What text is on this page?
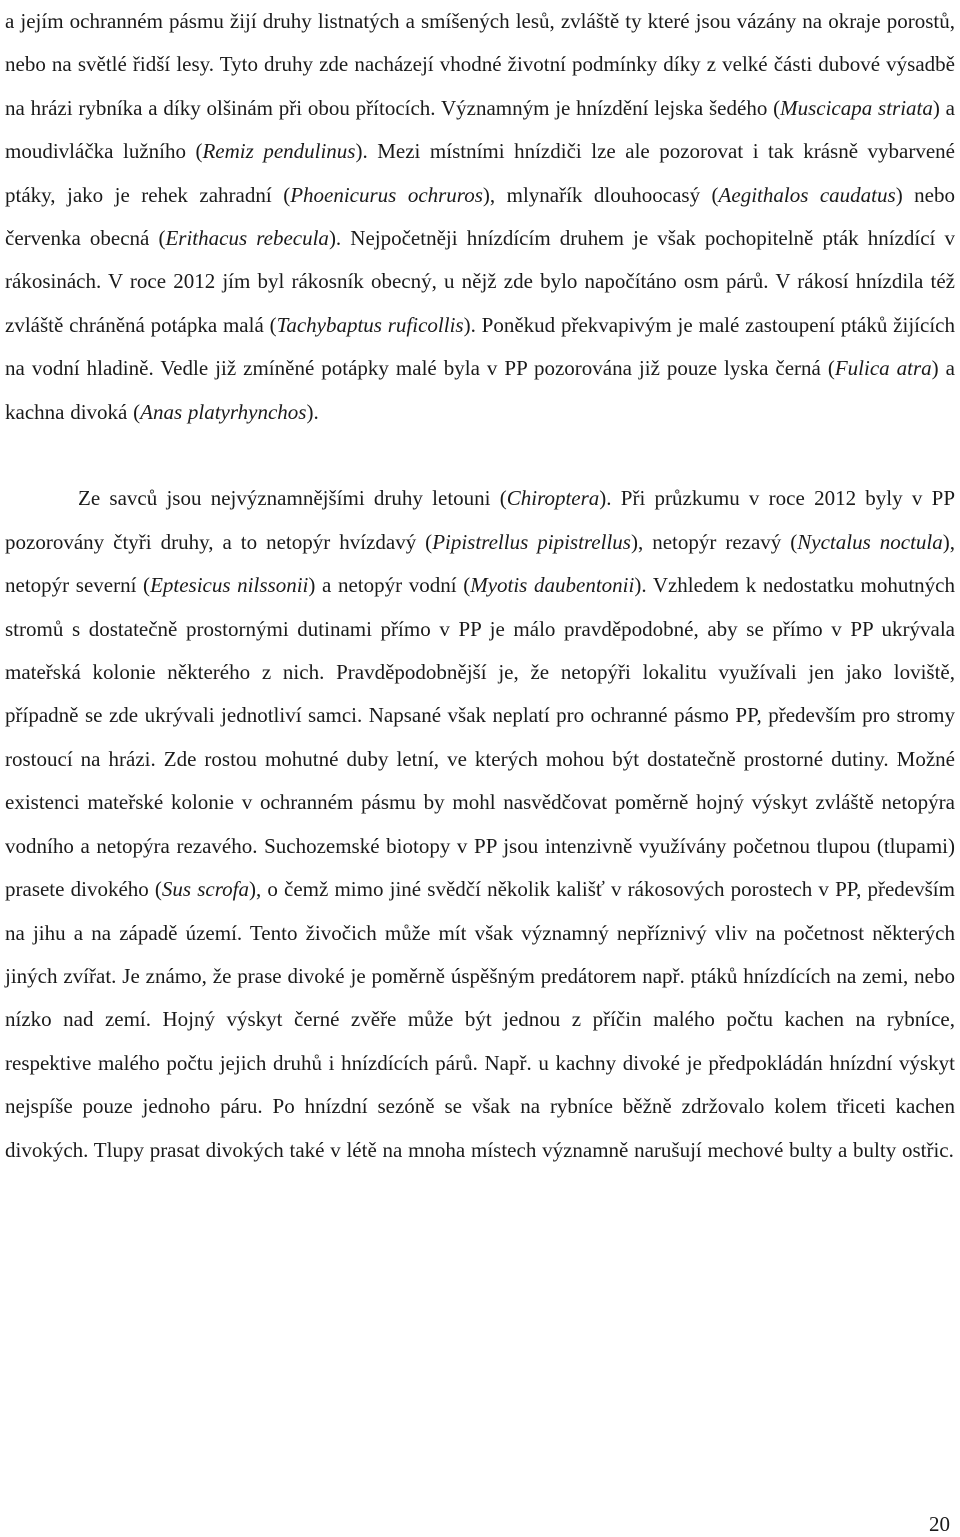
a jejím ochranném pásmu žijí druhy listnatých a smíšených lesů, zvláště ty které jsou vázány na okraje porostů, nebo na světlé řidší lesy. Tyto druhy zde nacházejí vhodné životní podmínky díky z velké části dubové výsadbě na hrázi rybníka a díky olšinám při obou přítocích. Významným je hnízdění lejska šedého (Muscicapa striata) a moudivláčka lužního (Remiz pendulinus). Mezi místními hnízdiči lze ale pozorovat i tak krásně vybarvené ptáky, jako je rehek zahradní (Phoenicurus ochruros), mlynařík dlouhoocasý (Aegithalos caudatus) nebo červenka obecná (Erithacus rebecula). Nejpočetněji hnízdícím druhem je však pochopitelně pták hnízdící v rákosinách. V roce 2012 jím byl rákosník obecný, u nějž zde bylo napočítáno osm párů. V rákosí hnízdila též zvláště chráněná potápka malá (Tachybaptus ruficollis). Poněkud překvapivým je malé zastoupení ptáků žijících na vodní hladině. Vedle již zmíněné potápky malé byla v PP pozorována již pouze lyska černá (Fulica atra) a kachna divoká (Anas platyrhynchos).

Ze savců jsou nejvýznamnějšími druhy letouni (Chiroptera). Při průzkumu v roce 2012 byly v PP pozorovány čtyři druhy, a to netopýr hvízdavý (Pipistrellus pipistrellus), netopýr rezavý (Nyctalus noctula), netopýr severní (Eptesicus nilssonii) a netopýr vodní (Myotis daubentonii). Vzhledem k nedostatku mohutných stromů s dostatečně prostornými dutinami přímo v PP je málo pravděpodobné, aby se přímo v PP ukrývala mateřská kolonie některého z nich. Pravděpodobnější je, že netopýři lokalitu využívali jen jako loviště, případně se zde ukrývali jednotliví samci. Napsané však neplatí pro ochranné pásmo PP, především pro stromy rostoucí na hrázi. Zde rostou mohutné duby letní, ve kterých mohou být dostatečně prostorné dutiny. Možné existenci mateřské kolonie v ochranném pásmu by mohl nasvědčovat poměrně hojný výskyt zvláště netopýra vodního a netopýra rezavého. Suchozemské biotopy v PP jsou intenzivně využívány početnou tlupou (tlupami) prasete divokého (Sus scrofa), o čemž mimo jiné svědčí několik kališť v rákosových porostech v PP, především na jihu a na západě území. Tento živočich může mít však významný nepříznivý vliv na početnost některých jiných zvířat. Je známo, že prase divoké je poměrně úspěšným predátorem např. ptáků hnízdících na zemi, nebo nízko nad zemí. Hojný výskyt černé zvěře může být jednou z příčin malého počtu kachen na rybníce, respektive malého počtu jejich druhů i hnízdících párů. Např. u kachny divoké je předpokládán hnízdní výskyt nejspíše pouze jednoho páru. Po hnízdní sezóně se však na rybníce běžně zdržovalo kolem třiceti kachen divokých. Tlupy prasat divokých také v létě na mnoha místech významně narušují mechové bulty a bulty ostřic.

20
